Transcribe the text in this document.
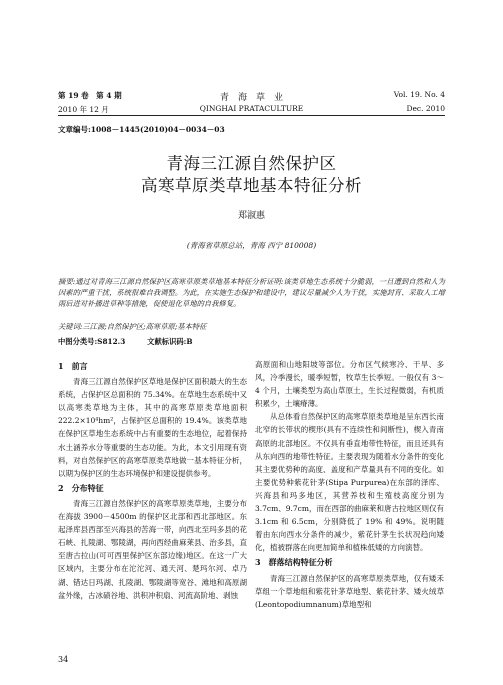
第 19 卷　第 4 期	青　海　草　业	Vol. 19. No. 4
2010 年 12 月	QINGHAI PRATACULTURE	Dec. 2010
文章编号:1008－1445(2010)04－0034－03
青海三江源自然保护区
高寒草原类草地基本特征分析
郑淑惠
(青海省草原总站，青海 西宁 810008)
摘要:通过对青海三江源自然保护区高寒草原类草地基本特征分析证明:该类草地生态系统十分脆弱，一旦遭到自然和人为因素的严重干扰，系统很难自我调整。为此，在实施生态保护和建设中，建议尽量减少人为干扰，实施封育、采取人工增雨后进对补播进草种等措施，促使退化草地的自我修复。
关键词:三江源;自然保护区;高寒草原;基本特征
中图分类号:S812.3　　　文献标识码:B
1　前言

青海三江源自然保护区草地是保护区面积最大的生态系统，占保护区总面积的 75.34%。在草地生态系统中又以高寒类草地为主体，其中的高寒草原类草地面积 222.2×10⁴hm²，占保护区总面积的 19.4%。该类草地在保护区草地生态系统中占有重要的生态地位，起着保持水土涵养水分等重要的生态功能。为此，本文引用现有资料，对自然保护区的高寒草原类草地做一基本特征分析，以期为保护区的生态环境保护和建设提供参考。

2　分布特征

青海三江源自然保护区的高寒草原类草地，主要分布在海拔 3900－4500m 的保护区北部和西北部地区。东起泽库县西部至兴海县的苦海一带，向西北至玛多县的花石峡、扎陵湖、鄂陵湖，再向西经曲麻莱县、治多县，直至唐古拉山(可可西里保护区东部边缘)地区。在这一广大区域内，主要分布在沱沱河、通天河、楚玛尔河、卓乃湖、错达日玛湖、扎陵湖、鄂陵湖等宽谷、滩地和高原湖盆外缘，古冰碛谷地、洪积冲积扇、河流高阶地、剥蚀

高原面和山地阳坡等部位。分布区气候寒冷、干旱、多风，冷季漫长，暖季短暂，牧草生长季短。一般仅有 3～4 个月，土壤类型为高山草原土，生长过程微弱，有机质积累少，土壤瘠薄。

从总体看自然保护区的高寒草原类草地是呈东西长南北窄的长带状的楔形(具有不连续性和间断性)，楔入青南高原的北部地区。不仅具有垂直地带性特征，而且还具有从东向西的地带性特征。主要表现为随着水分条件的变化其主要优势种的高度、盖度和产草量具有不同的变化。如主要优势种紫花针茅(Stipa Purpurea)在东部的泽库、兴海县和玛多地区，其营养枝和生殖枝高度分别为 3.7cm、9.7cm，而在西部的曲麻莱和唐古拉地区则仅有 3.1cm 和 6.5cm，分别降低了 19% 和 49%。说明随着由东向西水分条件的减少，紫花针茅生长状况趋向矮化，植被群落在向更加简单和植株低矮的方向演替。

3　群落结构特征分析

青海三江源自然保护区的高寒草原类草地，仅有矮禾草组一个草地组和紫花针茅草地型、紫花针茅、矮火绒草(Leontopodiumnanum)草地型和

34
